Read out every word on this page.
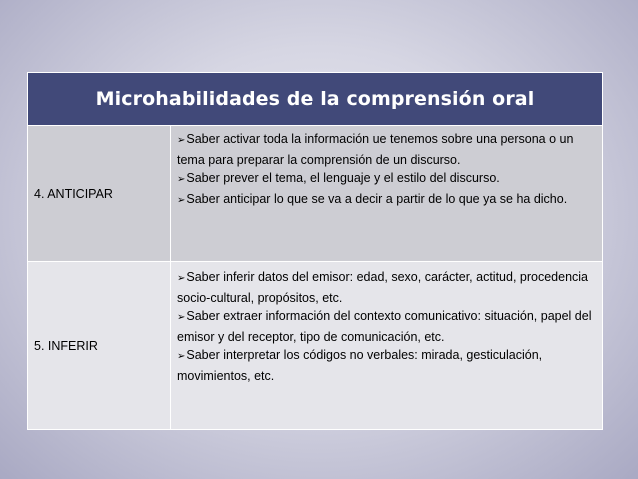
Microhabilidades de la comprensión oral
4. ANTICIPAR
➢Saber activar toda la información ue tenemos sobre una persona o un tema para preparar la comprensión de un discurso.
➢Saber prever el tema, el lenguaje y el estilo del discurso.
➢Saber anticipar lo que se va a decir a partir de lo que ya se ha dicho.
5. INFERIR
➢Saber inferir datos del emisor: edad, sexo, carácter, actitud, procedencia socio-cultural, propósitos, etc.
➢Saber extraer información del contexto comunicativo: situación, papel del emisor y del receptor, tipo de comunicación, etc.
➢Saber interpretar los códigos no verbales: mirada, gesticulación, movimientos, etc.
